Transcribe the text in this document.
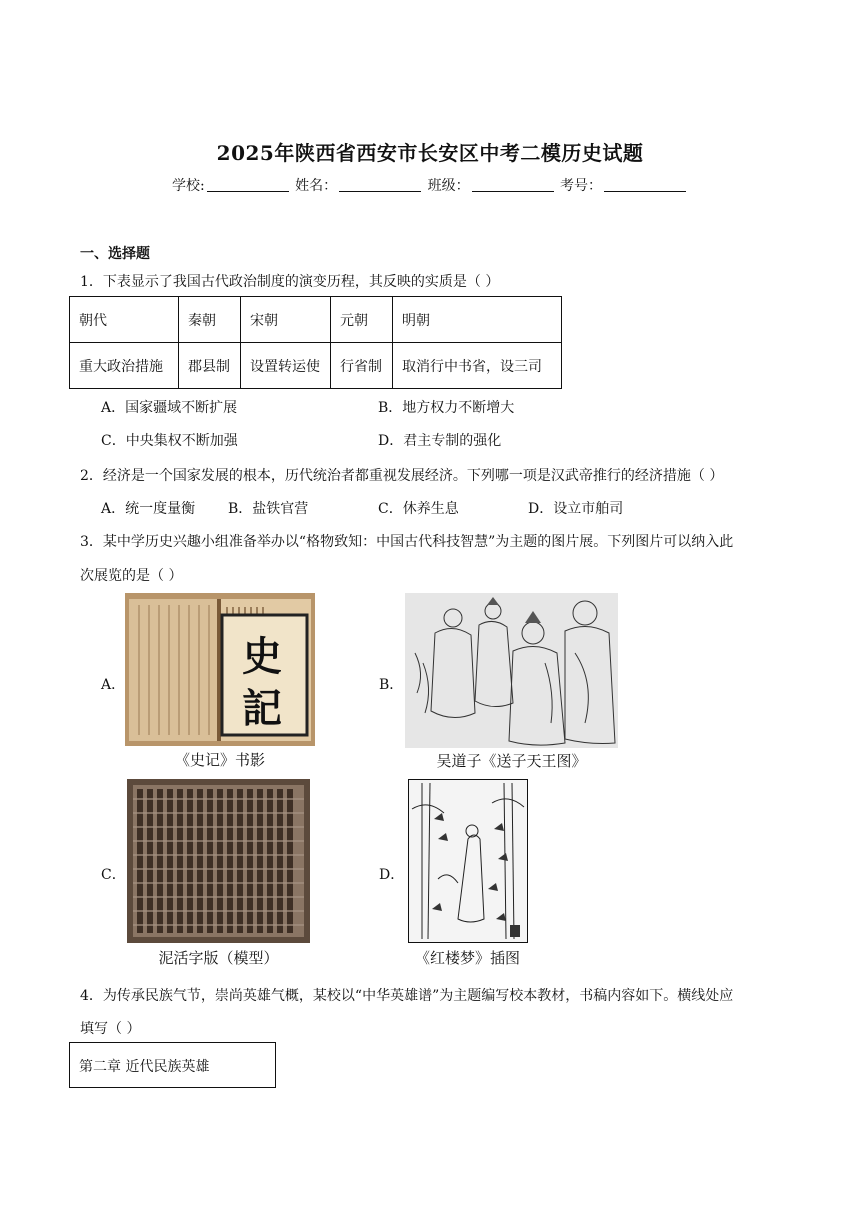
2025年陕西省西安市长安区中考二模历史试题
学校:	姓名：	班级：	考号：
一、选择题
1．下表显示了我国古代政治制度的演变历程，其反映的实质是（ ）
朝代	秦朝	宋朝	元朝	明朝
重大政治措施	郡县制	设置转运使	行省制	取消行中书省，设三司
A．国家疆域不断扩展	B．地方权力不断增大
C．中央集权不断加强	D．君主专制的强化
2．经济是一个国家发展的根本，历代统治者都重视发展经济。下列哪一项是汉武帝推行的经济措施（ ）
A．统一度量衡 B．盐铁官营	C．休养生息	D．设立市舶司
3．某中学历史兴趣小组准备举办以“格物致知：中国古代科技智慧”为主题的图片展。下列图片可以纳入此
次展览的是（ ）
A．	B．
C．	D．
史
記
《史记》书影	吴道子《送子天王图》
泥活字版（模型）	《红楼梦》插图
4．为传承民族气节，崇尚英雄气概，某校以“中华英雄谱”为主题编写校本教材，书稿内容如下。横线处应
填写（ ）
第二章 近代民族英雄
